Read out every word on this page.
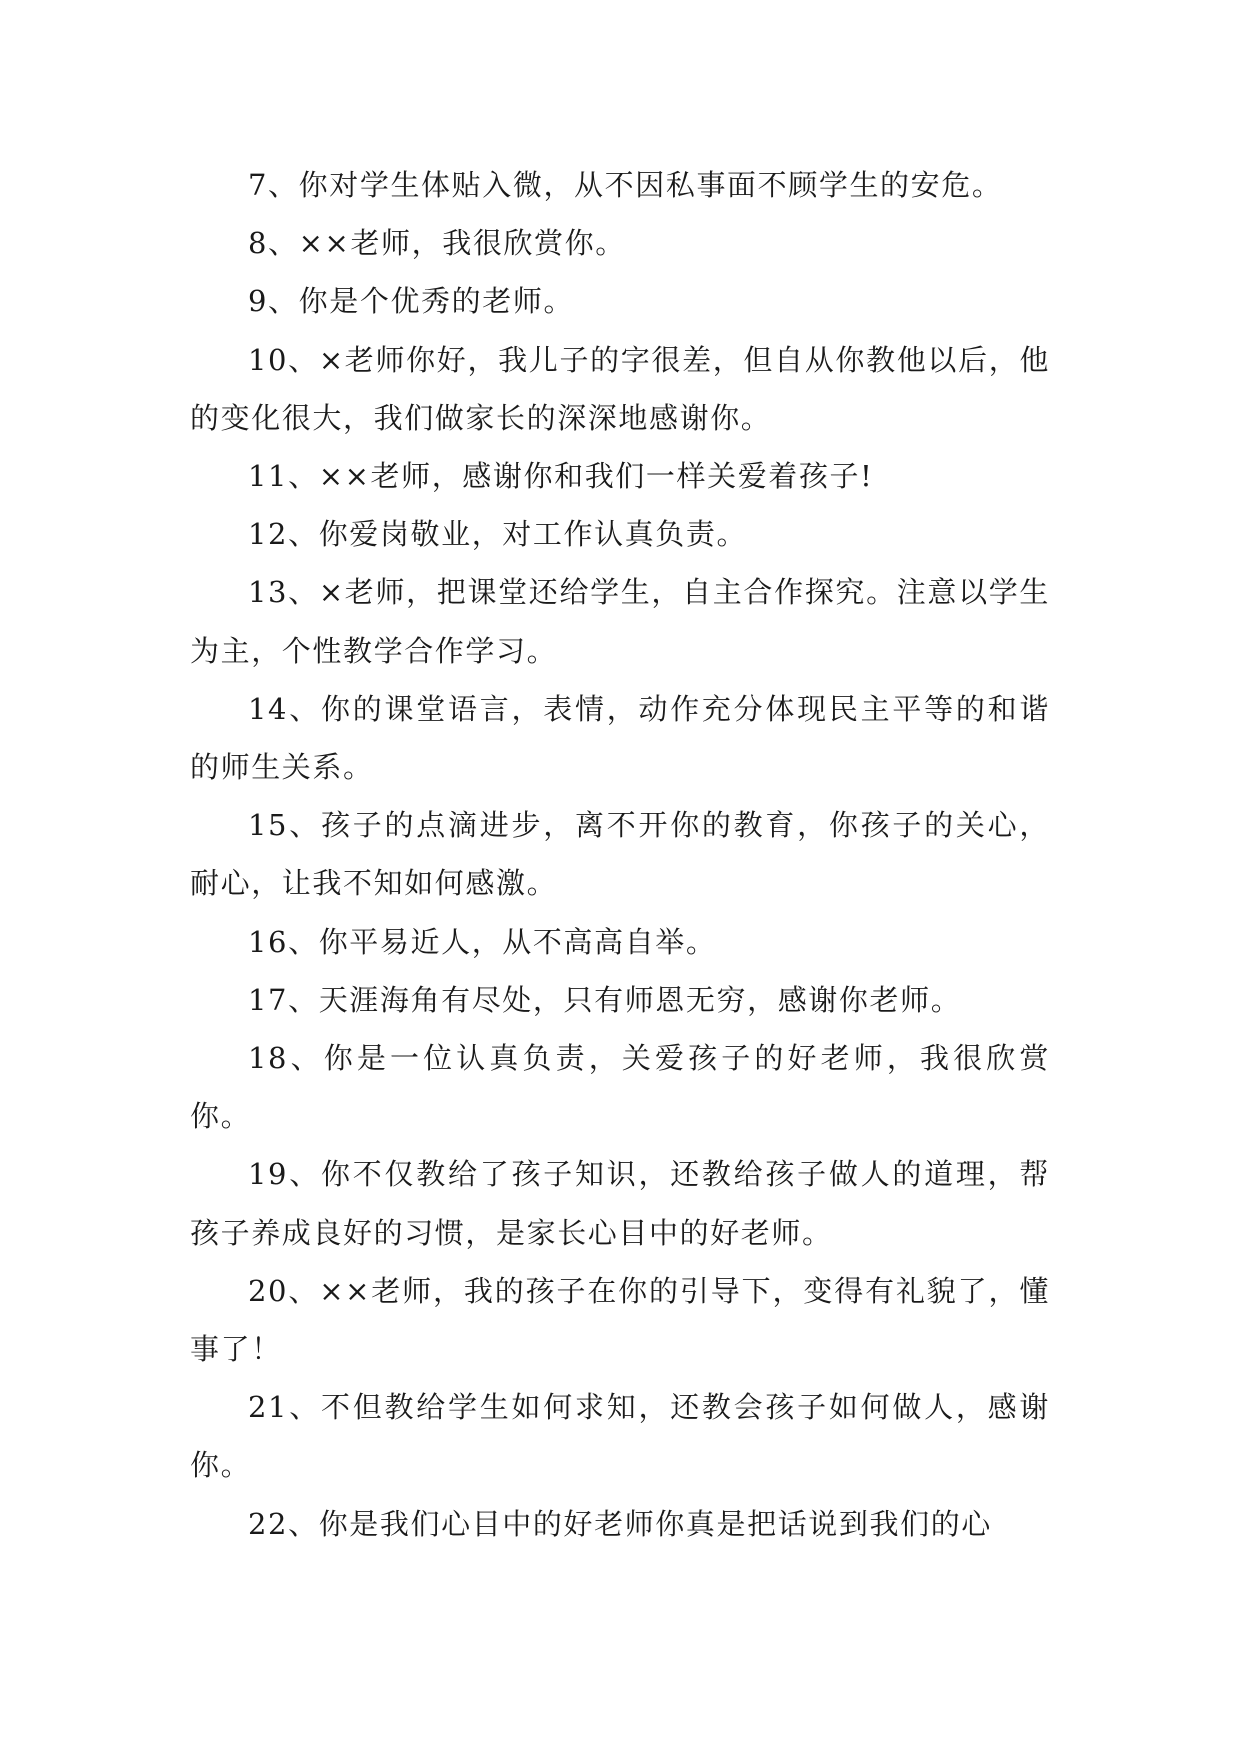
7、你对学生体贴入微，从不因私事面不顾学生的安危。

8、××老师，我很欣赏你。

9、你是个优秀的老师。

10、×老师你好，我儿子的字很差，但自从你教他以后，他的变化很大，我们做家长的深深地感谢你。

11、××老师，感谢你和我们一样关爱着孩子!

12、你爱岗敬业，对工作认真负责。

13、×老师，把课堂还给学生，自主合作探究。注意以学生为主，个性教学合作学习。

14、你的课堂语言，表情，动作充分体现民主平等的和谐的师生关系。

15、孩子的点滴进步，离不开你的教育，你孩子的关心，耐心，让我不知如何感激。

16、你平易近人，从不高高自举。

17、天涯海角有尽处，只有师恩无穷，感谢你老师。

18、你是一位认真负责，关爱孩子的好老师，我很欣赏你。

19、你不仅教给了孩子知识，还教给孩子做人的道理，帮孩子养成良好的习惯，是家长心目中的好老师。

20、××老师，我的孩子在你的引导下，变得有礼貌了，懂事了！

21、不但教给学生如何求知，还教会孩子如何做人，感谢你。

22、你是我们心目中的好老师你真是把话说到我们的心
